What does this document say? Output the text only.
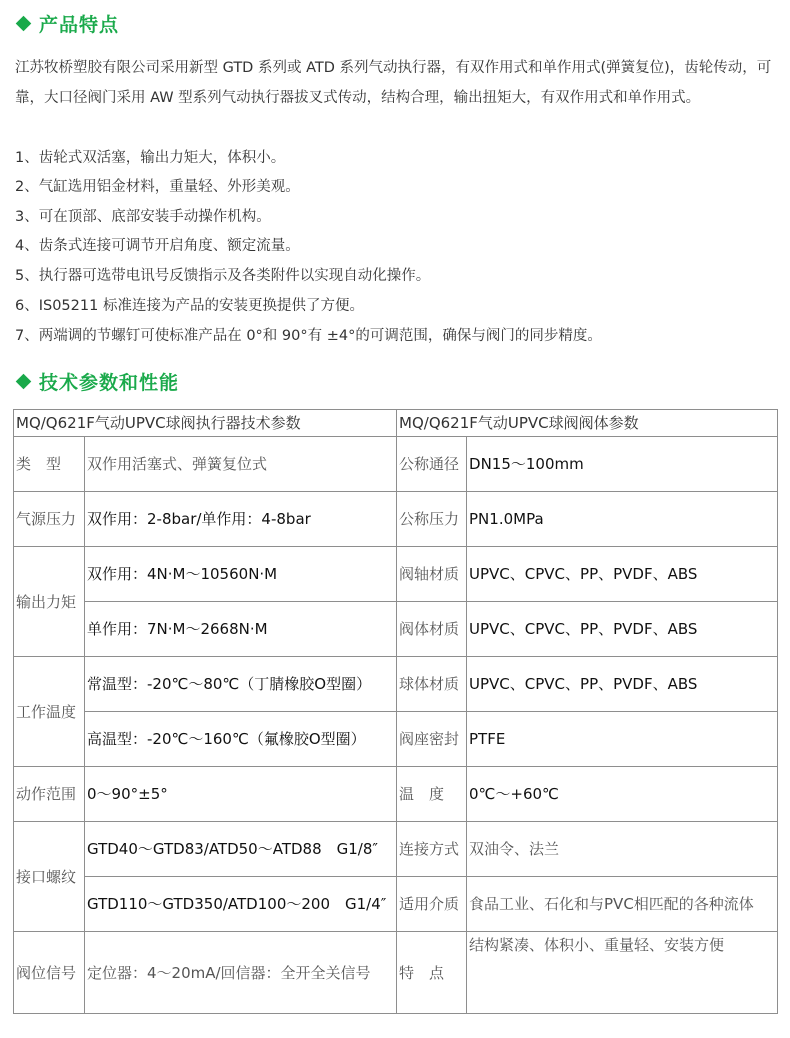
产品特点
江苏牧桥塑胶有限公司采用新型 GTD 系列或 ATD 系列气动执行器，有双作用式和单作用式(弹簧复位)，齿轮传动，可靠，大口径阀门采用 AW 型系列气动执行器拔叉式传动，结构合理，输出扭矩大，有双作用式和单作用式。
1、齿轮式双活塞，输出力矩大，体积小。
2、气缸选用铝金材料，重量轻、外形美观。
3、可在顶部、底部安装手动操作机构。
4、齿条式连接可调节开启角度、额定流量。
5、执行器可选带电讯号反馈指示及各类附件以实现自动化操作。
6、IS05211 标准连接为产品的安装更换提供了方便。
7、两端调的节螺钉可使标准产品在 0°和 90°有 ±4°的可调范围，确保与阀门的同步精度。
技术参数和性能
MQ/Q621F气动UPVC球阀执行器技术参数		MQ/Q621F气动UPVC球阀阀体参数	
类　型	双作用活塞式、弹簧复位式	公称通径	DN15～100mm
气源压力	双作用：2-8bar/单作用：4-8bar	公称压力	PN1.0MPa
输出力矩	双作用：4N·M～10560N·M	阀轴材质	UPVC、CPVC、PP、PVDF、ABS
	单作用：7N·M～2668N·M	阀体材质	UPVC、CPVC、PP、PVDF、ABS
工作温度	常温型：-20℃～80℃（丁腈橡胶O型圈）	球体材质	UPVC、CPVC、PP、PVDF、ABS
	高温型：-20℃～160℃（氟橡胶O型圈）	阀座密封	PTFE
动作范围	0～90°±5°	温　度	0℃～+60℃
接口螺纹	GTD40～GTD83/ATD50～ATD88　G1/8″	连接方式	双油令、法兰
	GTD110～GTD350/ATD100～200　G1/4″	适用介质	食品工业、石化和与PVC相匹配的各种流体
阀位信号	定位器：4～20mA/回信器：全开全关信号	特　点	结构紧凑、体积小、重量轻、安装方便
